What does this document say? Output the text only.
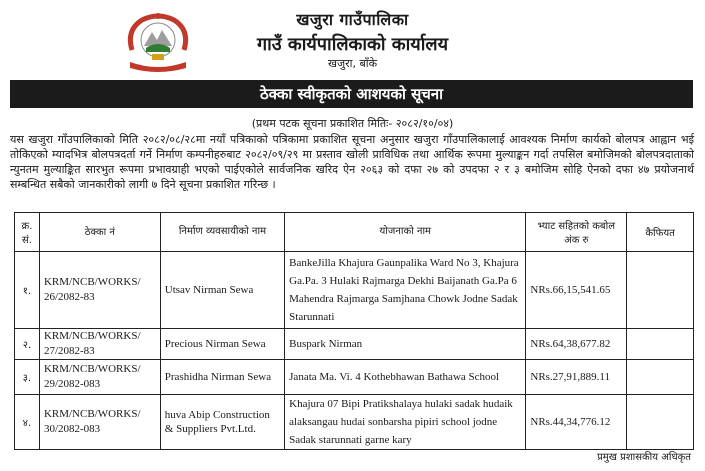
खजुरा गाउँपालिका
गाउँ कार्यपालिकाको कार्यालय
खजुरा, बाँके
ठेक्का स्वीकृतको आशयको सूचना
(प्रथम पटक सूचना प्रकाशित मितिः- २०८२/१०/०४)
यस खजुरा गाँउपालिकाको मिति २०८२/०८/२८मा नयाँ पत्रिकाको पत्रिकामा प्रकाशित सूचना अनुसार खजुरा गाँउपालिकालाई आवश्यक निर्माण कार्यको बोलपत्र आह्वान भई तोकिएको म्यादभित्र बोलपत्रदर्ता गर्ने निर्माण कम्पनीहरुबाट २०८२/०९/२९ मा प्रस्ताव खोली प्राविधिक तथा आर्थिक रूपमा मुल्याङ्कन गर्दा तपसिल बमोजिमको बोलपत्रदाताको न्युनतम मुल्याङ्कित सारभुत रूपमा प्रभावग्राही भएको पाईएकोले सार्वजनिक खरिद ऐन २०६३ को दफा २७ को उपदफा २ र ३ बमोजिम सोहि ऐनको दफा ४७ प्रयोजनार्थ सम्बन्धित सबैको जानकारीको लागी ७ दिने सूचना प्रकाशित गरिन्छ ।
क्र. सं.	ठेक्का नं	निर्माण व्यवसायीको नाम	योजनाको नाम	भ्याट सहितको कबोल अंक रु	कैफियत
१.	KRM/NCB/WORKS/ 26/2082-83	Utsav Nirman Sewa	BankeJilla Khajura Gaunpalika Ward No 3, Khajura Ga.Pa. 3 Hulaki Rajmarga Dekhi Baijanath Ga.Pa 6 Mahendra Rajmarga Samjhana Chowk Jodne Sadak Starunnati	NRs.66,15,541.65	
२.	KRM/NCB/WORKS/ 27/2082-83	Precious Nirman Sewa	Buspark Nirman	NRs.64,38,677.82	
३.	KRM/NCB/WORKS/ 29/2082-083	Prashidha Nirman Sewa	Janata Ma. Vi. 4 Kothebhawan Bathawa School	NRs.27,91,889.11	
४.	KRM/NCB/WORKS/ 30/2082-083	huva Abip Construction & Suppliers Pvt.Ltd.	Khajura 07 Bipi Pratikshalaya hulaki sadak hudaik alaksangau hudai sonbarsha pipiri school jodne Sadak starunnati garne kary	NRs.44,34,776.12	
प्रमुख प्रशासकीय अधिकृत
